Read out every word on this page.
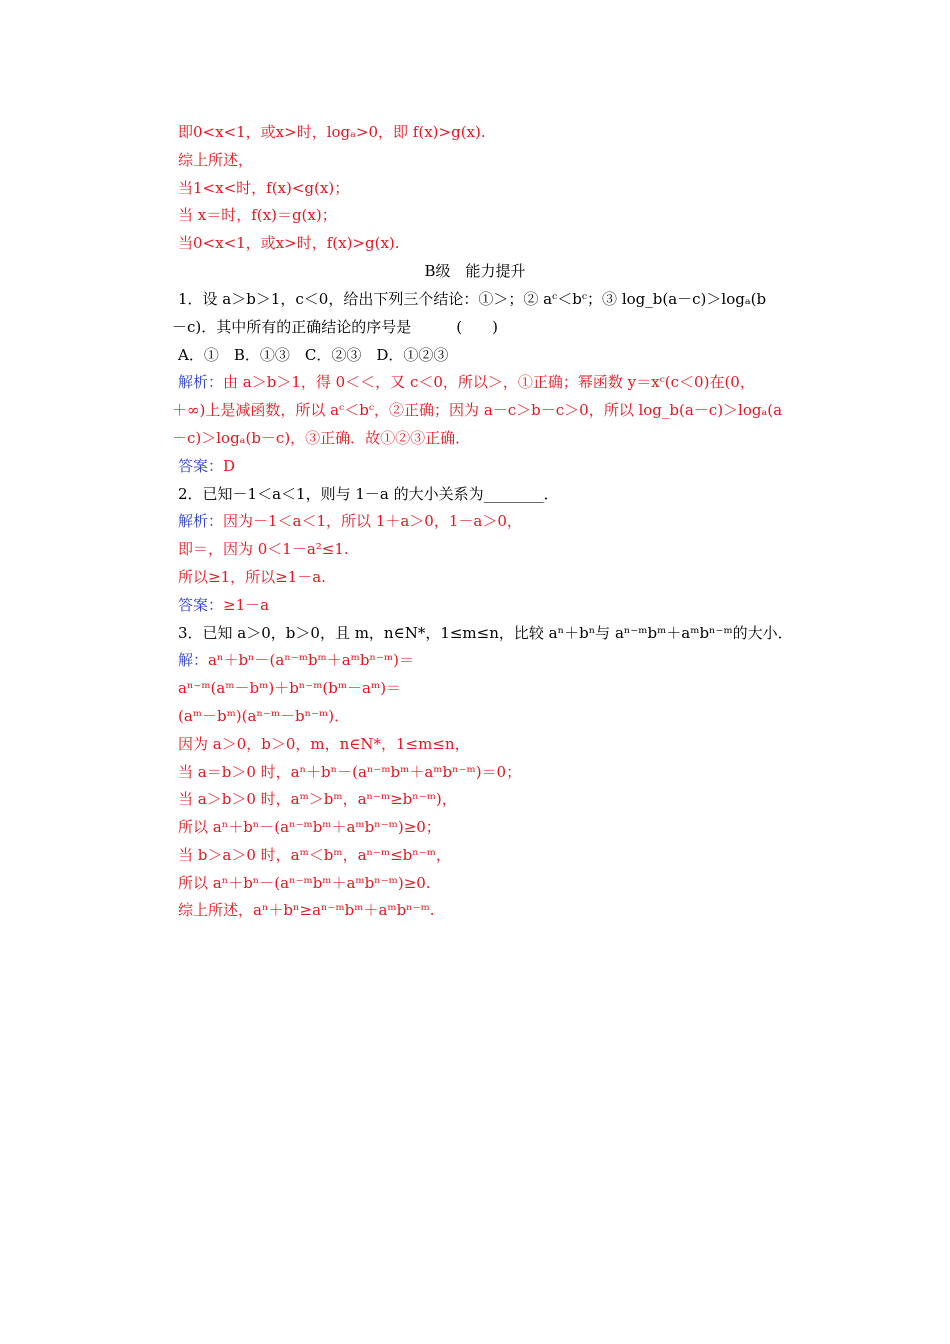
即0<x<1，或x>时，logₐ>0，即 f(x)>g(x).
综上所述，
当1<x<时，f(x)<g(x)；
当 x＝时，f(x)＝g(x)；
当0<x<1，或x>时，f(x)>g(x).
B级　能力提升
1．设 a＞b＞1，c＜0，给出下列三个结论：①＞；② aᶜ＜bᶜ；③ log_b(a－c)＞logₐ(b
－c)．其中所有的正确结论的序号是　　　(　　)
A．①　B．①③　C．②③　D．①②③
解析：由 a＞b＞1，得 0＜＜，又 c＜0，所以＞，①正确；幂函数 y＝xᶜ(c＜0)在(0，
＋∞)上是减函数，所以 aᶜ＜bᶜ，②正确；因为 a－c＞b－c＞0，所以 log_b(a－c)＞logₐ(a
－c)＞logₐ(b－c)，③正确．故①②③正确．
答案：D
2．已知－1＜a＜1，则与 1－a 的大小关系为________．
解析：因为－1＜a＜1，所以 1＋a＞0，1－a＞0，
即＝，因为 0＜1－a²≤1.
所以≥1，所以≥1－a.
答案：≥1－a
3．已知 a＞0，b＞0，且 m，n∈N*，1≤m≤n，比较 aⁿ＋bⁿ与 aⁿ⁻ᵐbᵐ＋aᵐbⁿ⁻ᵐ的大小．
解：aⁿ＋bⁿ－(aⁿ⁻ᵐbᵐ＋aᵐbⁿ⁻ᵐ)＝
aⁿ⁻ᵐ(aᵐ－bᵐ)＋bⁿ⁻ᵐ(bᵐ－aᵐ)＝
(aᵐ－bᵐ)(aⁿ⁻ᵐ－bⁿ⁻ᵐ)．
因为 a＞0，b＞0，m，n∈N*，1≤m≤n，
当 a＝b＞0 时，aⁿ＋bⁿ－(aⁿ⁻ᵐbᵐ＋aᵐbⁿ⁻ᵐ)＝0；
当 a＞b＞0 时，aᵐ＞bᵐ，aⁿ⁻ᵐ≥bⁿ⁻ᵐ)，
所以 aⁿ＋bⁿ－(aⁿ⁻ᵐbᵐ＋aᵐbⁿ⁻ᵐ)≥0；
当 b＞a＞0 时，aᵐ＜bᵐ，aⁿ⁻ᵐ≤bⁿ⁻ᵐ，
所以 aⁿ＋bⁿ－(aⁿ⁻ᵐbᵐ＋aᵐbⁿ⁻ᵐ)≥0.
综上所述，aⁿ＋bⁿ≥aⁿ⁻ᵐbᵐ＋aᵐbⁿ⁻ᵐ.
